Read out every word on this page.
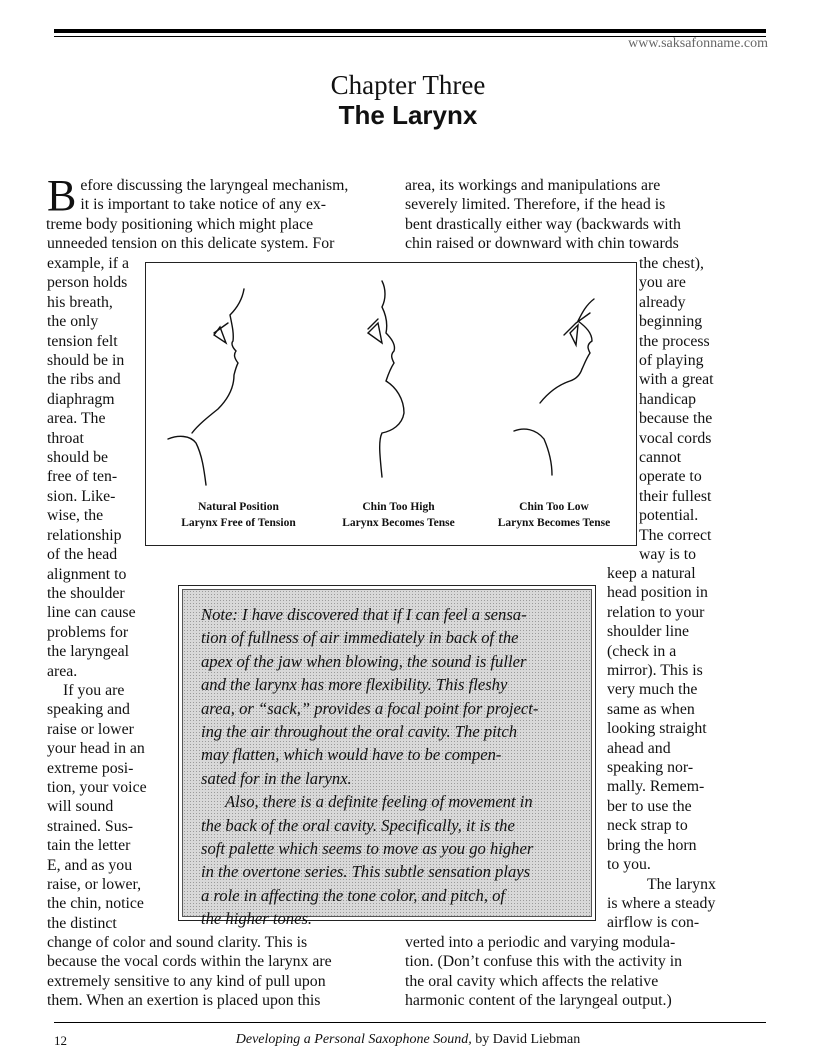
www.saksafonname.com
Chapter Three
The Larynx
B efore discussing the laryngeal mechanism,
it is important to take notice of any ex-
treme body positioning which might place
unneeded tension on this delicate system. For
area, its workings and manipulations are
severely limited. Therefore, if the head is
bent drastically either way (backwards with
chin raised or downward with chin towards
example, if a
person holds
his breath,
the only
tension felt
should be in
the ribs and
diaphragm
area. The
throat
should be
free of ten-
sion. Like-
wise, the
relationship
of the head
alignment to
the shoulder
line can cause
problems for
the laryngeal
area.
If you are
speaking and
raise or lower
your head in an
extreme posi-
tion, your voice
will sound
strained. Sus-
tain the letter
E, and as you
raise, or lower,
the chin, notice
the distinct
the chest),
you are
already
beginning
the process
of playing
with a great
handicap
because the
vocal cords
cannot
operate to
their fullest
potential.
The correct
way is to
keep a natural
head position in
relation to your
shoulder line
(check in a
mirror). This is
very much the
same as when
looking straight
ahead and
speaking nor-
mally. Remem-
ber to use the
neck strap to
bring the horn
to you.
The larynx
is where a steady
airflow is con-
Natural Position
Larynx Free of Tension
Chin Too High
Larynx Becomes Tense
Chin Too Low
Larynx Becomes Tense
Note: I have discovered that if I can feel a sensa-
tion of fullness of air immediately in back of the
apex of the jaw when blowing, the sound is fuller
and the larynx has more flexibility. This fleshy
area, or “sack,” provides a focal point for project-
ing the air throughout the oral cavity. The pitch
may flatten, which would have to be compen-
sated for in the larynx.
Also, there is a definite feeling of movement in
the back of the oral cavity. Specifically, it is the
soft palette which seems to move as you go higher
in the overtone series. This subtle sensation plays
a role in affecting the tone color, and pitch, of
the higher tones.
change of color and sound clarity. This is
because the vocal cords within the larynx are
extremely sensitive to any kind of pull upon
them. When an exertion is placed upon this
verted into a periodic and varying modula-
tion. (Don’t confuse this with the activity in
the oral cavity which affects the relative
harmonic content of the laryngeal output.)
12	Developing a Personal Saxophone Sound, by David Liebman
